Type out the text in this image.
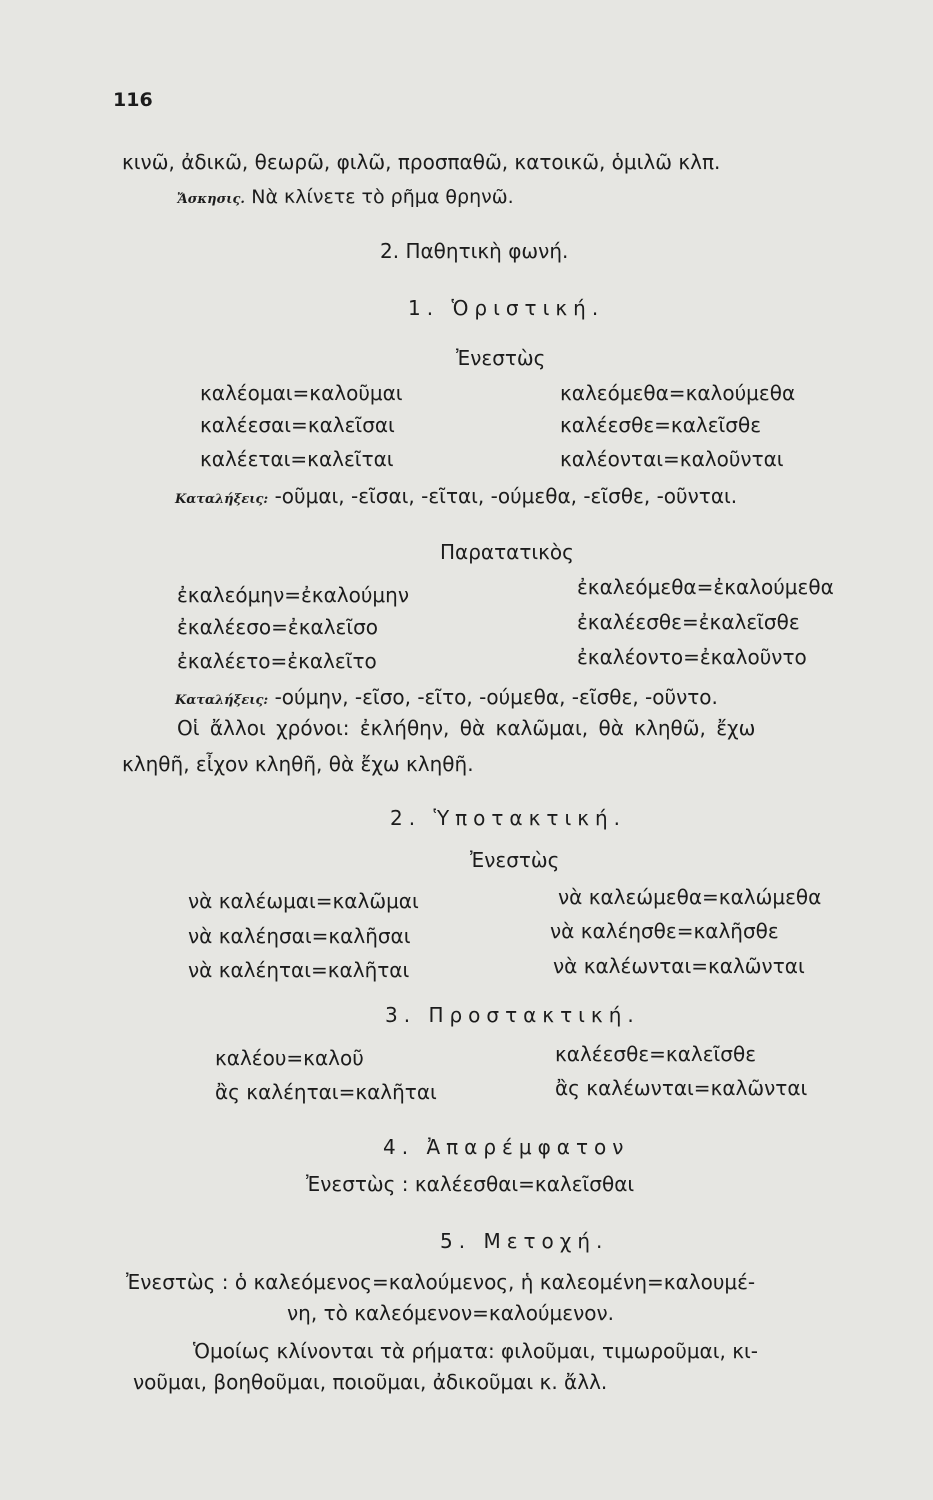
116
κινῶ, ἀδικῶ, θεωρῶ, φιλῶ, προσπαθῶ, κατοικῶ, ὁμιλῶ κλπ.
Ἄσκησις. Νὰ κλίνετε τὸ ρῆμα θρηνῶ.
2. Παθητικὴ φωνή.
1. Ὁριστική.
Ἐνεστὼς
καλέομαι=καλοῦμαι
καλέεσαι=καλεῖσαι
καλέεται=καλεῖται
καλεόμεθα=καλούμεθα
καλέεσθε=καλεῖσθε
καλέονται=καλοῦνται
Καταλήξεις: -οῦμαι, -εῖσαι, -εῖται, -ούμεθα, -εῖσθε, -οῦνται.
Παρατατικὸς
ἐκαλεόμην=ἐκαλούμην
ἐκαλέεσο=ἐκαλεῖσο
ἐκαλέετο=ἐκαλεῖτο
ἐκαλεόμεθα=ἐκαλούμεθα
ἐκαλέεσθε=ἐκαλεῖσθε
ἐκαλέοντο=ἐκαλοῦντο
Καταλήξεις: -ούμην, -εῖσο, -εῖτο, -ούμεθα, -εῖσθε, -οῦντο.
Οἱ ἄλλοι χρόνοι: ἐκλήθην, θὰ καλῶμαι, θὰ κληθῶ, ἔχω
κληθῆ, εἶχον κληθῆ, θὰ ἔχω κληθῆ.
2. Ὑποτακτική.
Ἐνεστὼς
νὰ καλέωμαι=καλῶμαι
νὰ καλέησαι=καλῆσαι
νὰ καλέηται=καλῆται
νὰ καλεώμεθα=καλώμεθα
νὰ καλέησθε=καλῆσθε
νὰ καλέωνται=καλῶνται
3. Προστακτική.
καλέου=καλοῦ
ἂς καλέηται=καλῆται
καλέεσθε=καλεῖσθε
ἂς καλέωνται=καλῶνται
4. Ἀπαρέμφατον
Ἐνεστὼς : καλέεσθαι=καλεῖσθαι
5. Μετοχή.
Ἐνεστὼς : ὁ καλεόμενος=καλούμενος, ἡ καλεομένη=καλουμέ-
νη, τὸ καλεόμενον=καλούμενον.
Ὁμοίως κλίνονται τὰ ρήματα: φιλοῦμαι, τιμωροῦμαι, κι-
νοῦμαι, βοηθοῦμαι, ποιοῦμαι, ἀδικοῦμαι κ. ἄλλ.
